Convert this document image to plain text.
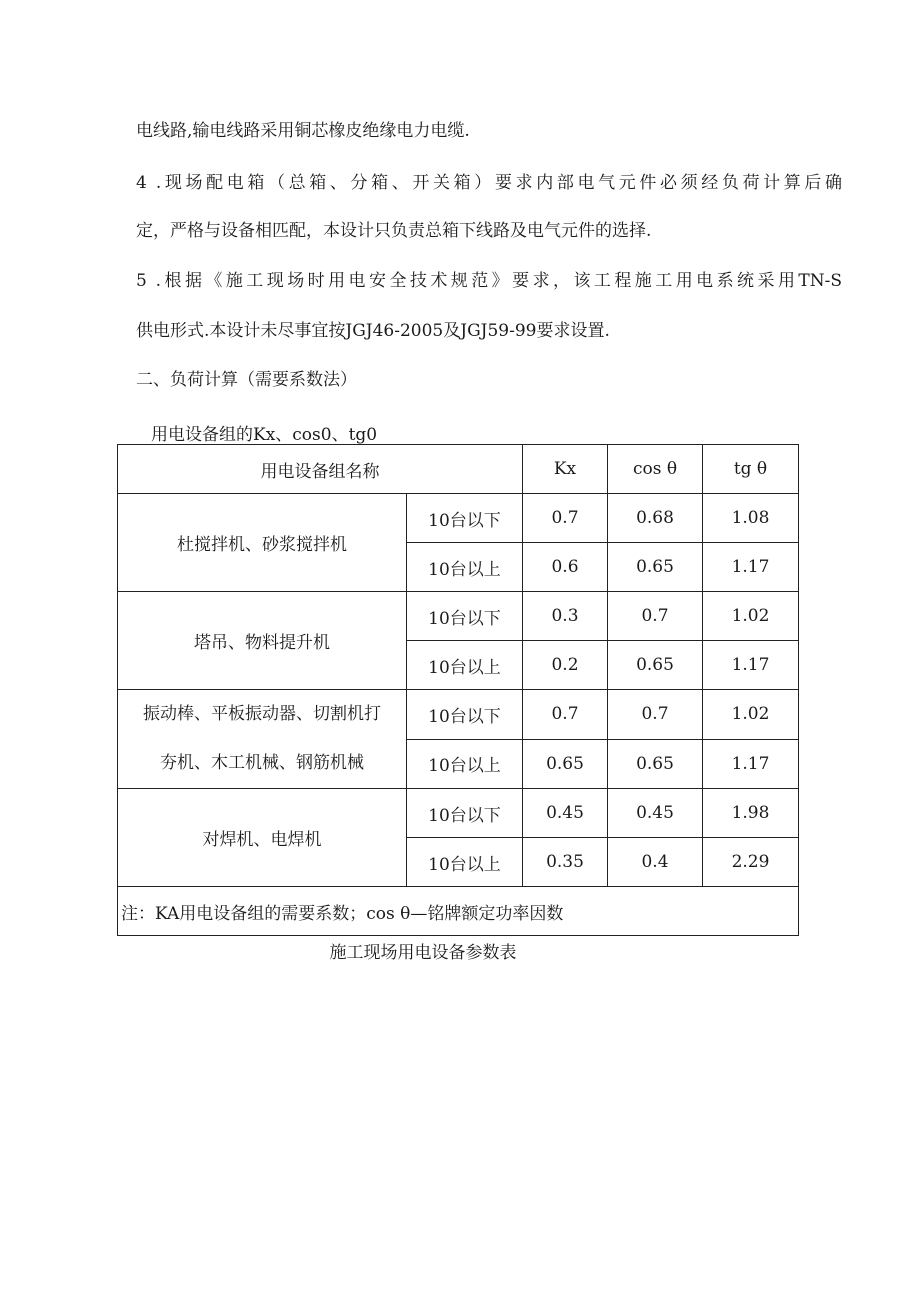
电线路,输电线路采用铜芯橡皮绝缘电力电缆.
4 .现场配电箱（总箱、分箱、开关箱）要求内部电气元件必须经负荷计算后确
定，严格与设备相匹配，本设计只负责总箱下线路及电气元件的选择.
5 .根据《施工现场时用电安全技术规范》要求，该工程施工用电系统采用TN-S
供电形式.本设计未尽事宜按JGJ46-2005及JGJ59-99要求设置.
二、负荷计算（需要系数法）
用电设备组的Kx、cos0、tg0
用电设备组名称		Kx	cos θ	tg θ

杜搅拌机、砂浆搅拌机	10台以下	0.7	0.68	1.08
	10台以上	0.6	0.65	1.17

塔吊、物料提升机	10台以下	0.3	0.7	1.02
	10台以上	0.2	0.65	1.17

振动棒、平板振动器、切割机打
夯机、木工机械、钢筋机械	10台以下	0.7	0.7	1.02
	10台以上	0.65	0.65	1.17

对焊机、电焊机	10台以下	0.45	0.45	1.98
	10台以上	0.35	0.4	2.29
注：KA用电设备组的需要系数；cos θ—铭牌额定功率因数				
施工现场用电设备参数表
